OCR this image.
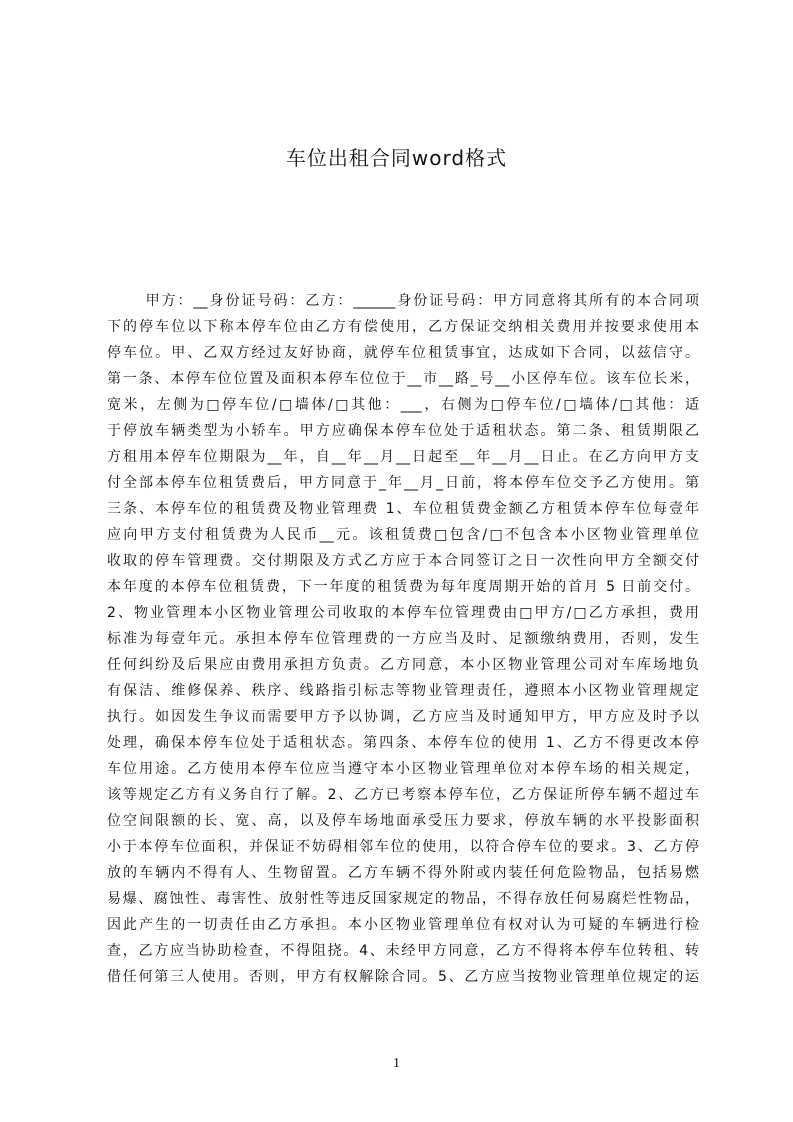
车位出租合同word格式
甲方：__身份证号码：乙方：______身份证号码：甲方同意将其所有的本合同项
下的停车位以下称本停车位由乙方有偿使用，乙方保证交纳相关费用并按要求使用本
停车位。甲、乙双方经过友好协商，就停车位租赁事宜，达成如下合同，以兹信守。
第一条、本停车位位置及面积本停车位位于__市__路_号__小区停车位。该车位长米，
宽米，左侧为□停车位/□墙体/□其他：___，右侧为□停车位/□墙体/□其他：适
于停放车辆类型为小轿车。甲方应确保本停车位处于适租状态。第二条、租赁期限乙
方租用本停车位期限为__年，自__年__月__日起至__年__月__日止。在乙方向甲方支
付全部本停车位租赁费后，甲方同意于_年__月_日前，将本停车位交予乙方使用。第
三条、本停车位的租赁费及物业管理费 1、车位租赁费金额乙方租赁本停车位每壹年
应向甲方支付租赁费为人民币__元。该租赁费□包含/□不包含本小区物业管理单位
收取的停车管理费。交付期限及方式乙方应于本合同签订之日一次性向甲方全额交付
本年度的本停车位租赁费，下一年度的租赁费为每年度周期开始的首月 5 日前交付。
2、物业管理本小区物业管理公司收取的本停车位管理费由□甲方/□乙方承担，费用
标准为每壹年元。承担本停车位管理费的一方应当及时、足额缴纳费用，否则，发生
任何纠纷及后果应由费用承担方负责。乙方同意，本小区物业管理公司对车库场地负
有保洁、维修保养、秩序、线路指引标志等物业管理责任，遵照本小区物业管理规定
执行。如因发生争议而需要甲方予以协调，乙方应当及时通知甲方，甲方应及时予以
处理，确保本停车位处于适租状态。第四条、本停车位的使用 1、乙方不得更改本停
车位用途。乙方使用本停车位应当遵守本小区物业管理单位对本停车场的相关规定，
该等规定乙方有义务自行了解。2、乙方已考察本停车位，乙方保证所停车辆不超过车
位空间限额的长、宽、高，以及停车场地面承受压力要求，停放车辆的水平投影面积
小于本停车位面积，并保证不妨碍相邻车位的使用，以符合停车位的要求。3、乙方停
放的车辆内不得有人、生物留置。乙方车辆不得外附或内装任何危险物品，包括易燃
易爆、腐蚀性、毒害性、放射性等违反国家规定的物品，不得存放任何易腐烂性物品，
因此产生的一切责任由乙方承担。本小区物业管理单位有权对认为可疑的车辆进行检
查，乙方应当协助检查，不得阻挠。4、未经甲方同意，乙方不得将本停车位转租、转
借任何第三人使用。否则，甲方有权解除合同。5、乙方应当按物业管理单位规定的运
1
